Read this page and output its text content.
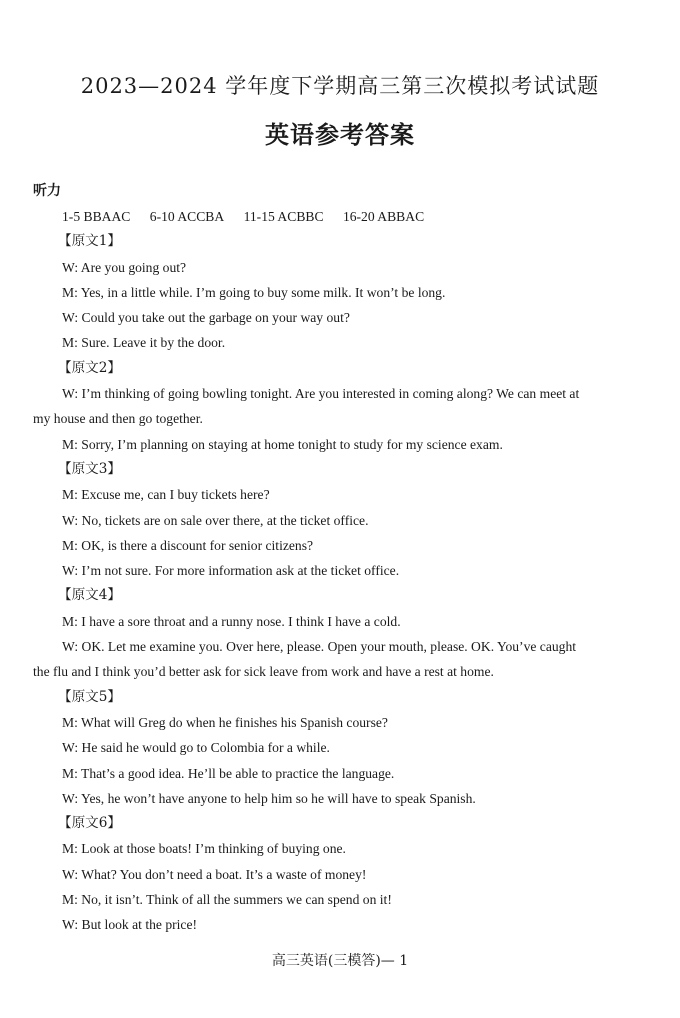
2023—2024 学年度下学期高三第三次模拟考试试题
英语参考答案
听力
1-5 BBAAC 6-10 ACCBA 11-15 ACBBC 16-20 ABBAC
【原文1】
W: Are you going out?
M: Yes, in a little while. I’m going to buy some milk. It won’t be long.
W: Could you take out the garbage on your way out?
M: Sure. Leave it by the door.
【原文2】
W: I’m thinking of going bowling tonight. Are you interested in coming along? We can meet at
my house and then go together.
M: Sorry, I’m planning on staying at home tonight to study for my science exam.
【原文3】
M: Excuse me, can I buy tickets here?
W: No, tickets are on sale over there, at the ticket office.
M: OK, is there a discount for senior citizens?
W: I’m not sure. For more information ask at the ticket office.
【原文4】
M: I have a sore throat and a runny nose. I think I have a cold.
W: OK. Let me examine you. Over here, please. Open your mouth, please. OK. You’ve caught
the flu and I think you’d better ask for sick leave from work and have a rest at home.
【原文5】
M: What will Greg do when he finishes his Spanish course?
W: He said he would go to Colombia for a while.
M: That’s a good idea. He’ll be able to practice the language.
W: Yes, he won’t have anyone to help him so he will have to speak Spanish.
【原文6】
M: Look at those boats! I’m thinking of buying one.
W: What? You don’t need a boat. It’s a waste of money!
M: No, it isn’t. Think of all the summers we can spend on it!
W: But look at the price!
高三英语(三模答)— 1
